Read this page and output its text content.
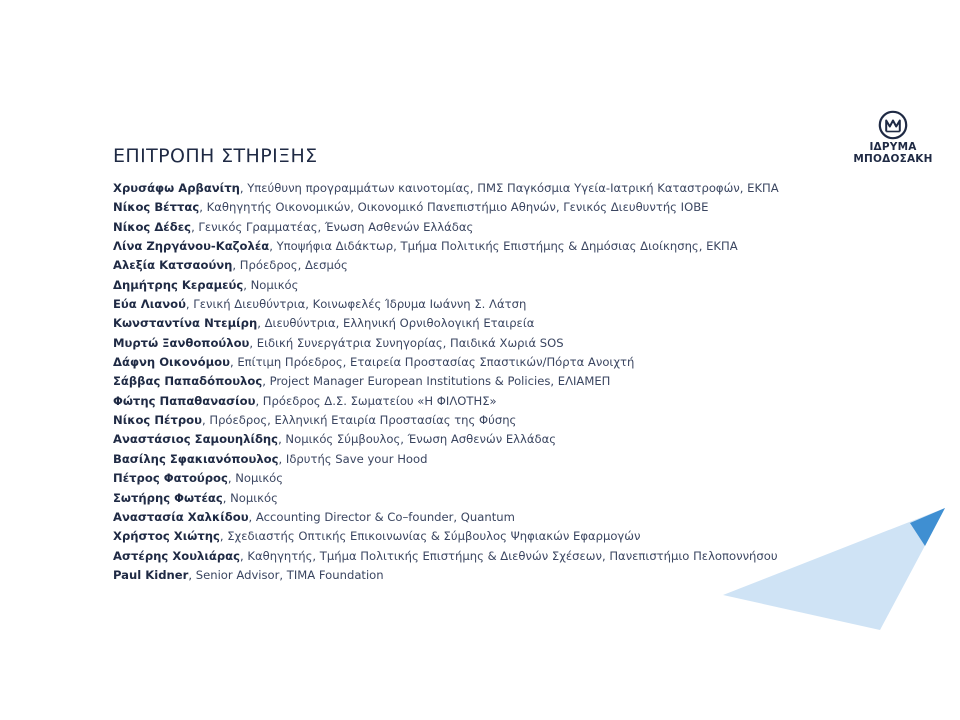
ΕΠΙΤΡΟΠΗ ΣΤΗΡΙΞΗΣ	ΙΔΡΥΜΑ
ΜΠΟΔΟΣΑΚΗ
Χρυσάφω Αρβανίτη, Υπεύθυνη προγραμμάτων καινοτομίας, ΠΜΣ Παγκόσμια Υγεία-Ιατρική Καταστροφών, ΕΚΠΑ
Νίκος Βέττας, Καθηγητής Οικονομικών, Οικονομικό Πανεπιστήμιο Αθηνών, Γενικός Διευθυντής ΙΟΒΕ
Νίκος Δέδες, Γενικός Γραμματέας, Ένωση Ασθενών Ελλάδας
Λίνα Ζηργάνου-Καζολέα, Υποψήφια Διδάκτωρ, Τμήμα Πολιτικής Επιστήμης & Δημόσιας Διοίκησης, ΕΚΠΑ
Αλεξία Κατσαούνη, Πρόεδρος, Δεσμός
Δημήτρης Κεραμεύς, Νομικός
Εύα Λιανού, Γενική Διευθύντρια, Κοινωφελές Ίδρυμα Ιωάννη Σ. Λάτση
Κωνσταντίνα Ντεμίρη, Διευθύντρια, Ελληνική Ορνιθολογική Εταιρεία
Μυρτώ Ξανθοπούλου, Ειδική Συνεργάτρια Συνηγορίας, Παιδικά Χωριά SOS
Δάφνη Οικονόμου, Επίτιμη Πρόεδρος, Εταιρεία Προστασίας Σπαστικών/Πόρτα Ανοιχτή
Σάββας Παπαδόπουλος, Project Manager European Institutions & Policies, ΕΛΙΑΜΕΠ
Φώτης Παπαθανασίου, Πρόεδρος Δ.Σ. Σωματείου «Η ΦΙΛΟΤΗΣ»
Νίκος Πέτρου, Πρόεδρος, Ελληνική Εταιρία Προστασίας της Φύσης
Αναστάσιος Σαμουηλίδης, Νομικός Σύμβουλος, Ένωση Ασθενών Ελλάδας
Βασίλης Σφακιανόπουλος, Ιδρυτής Save your Hood
Πέτρος Φατούρος, Νομικός
Σωτήρης Φωτέας, Νομικός
Αναστασία Χαλκίδου, Accounting Director & Co–founder, Quantum
Χρήστος Χιώτης, Σχεδιαστής Οπτικής Επικοινωνίας & Σύμβουλος Ψηφιακών Εφαρμογών
Αστέρης Χουλιάρας, Καθηγητής, Τμήμα Πολιτικής Επιστήμης & Διεθνών Σχέσεων, Πανεπιστήμιο Πελοποννήσου
Paul Kidner, Senior Advisor, TIMA Foundation
